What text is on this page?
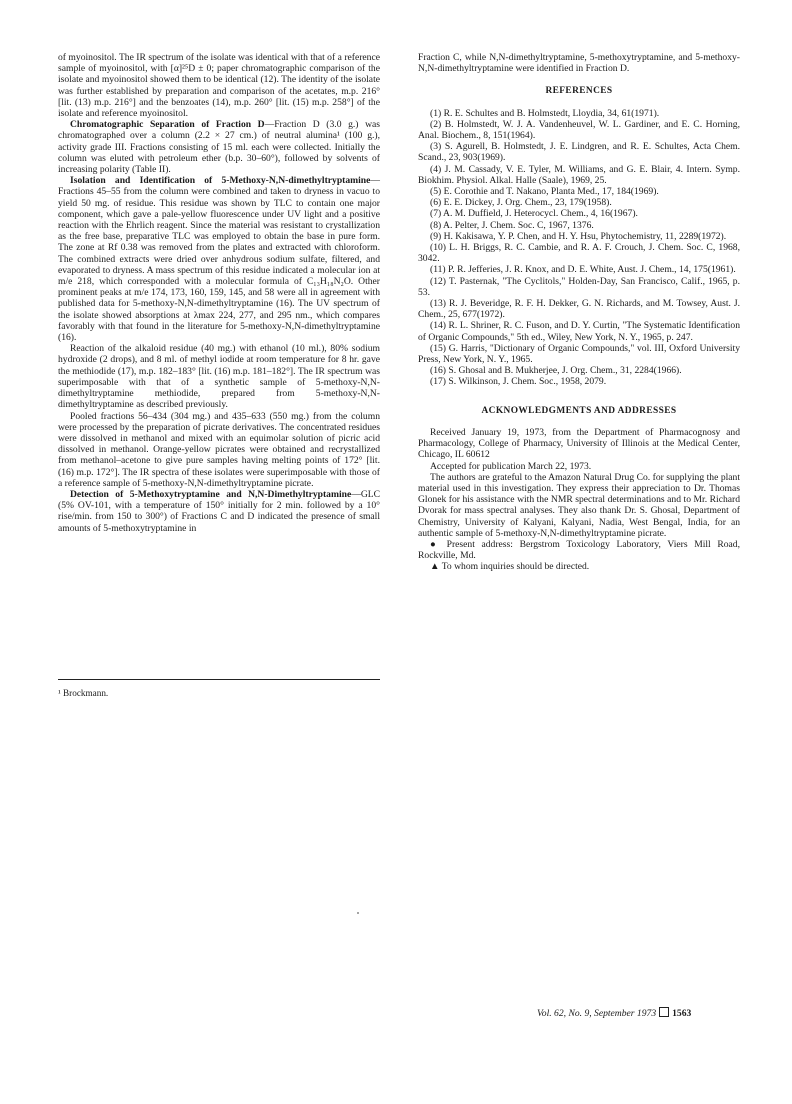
of myoinositol. The IR spectrum of the isolate was identical with that of a reference sample of myoinositol, with [α]²⁵D ± 0; paper chromatographic comparison of the isolate and myoinositol showed them to be identical (12). The identity of the isolate was further established by preparation and comparison of the acetates, m.p. 216° [lit. (13) m.p. 216°] and the benzoates (14), m.p. 260° [lit. (15) m.p. 258°] of the isolate and reference myoinositol.

Chromatographic Separation of Fraction D—Fraction D (3.0 g.) was chromatographed over a column (2.2 × 27 cm.) of neutral alumina¹ (100 g.), activity grade III. Fractions consisting of 15 ml. each were collected. Initially the column was eluted with petroleum ether (b.p. 30–60°), followed by solvents of increasing polarity (Table II).

Isolation and Identification of 5-Methoxy-N,N-dimethyltryptamine—Fractions 45–55 from the column were combined and taken to dryness in vacuo to yield 50 mg. of residue. This residue was shown by TLC to contain one major component, which gave a pale-yellow fluorescence under UV light and a positive reaction with the Ehrlich reagent. Since the material was resistant to crystallization as the free base, preparative TLC was employed to obtain the base in pure form. The zone at Rf 0.38 was removed from the plates and extracted with chloroform. The combined extracts were dried over anhydrous sodium sulfate, filtered, and evaporated to dryness. A mass spectrum of this residue indicated a molecular ion at m/e 218, which corresponded with a molecular formula of C₁₃H₁₈N₂O. Other prominent peaks at m/e 174, 173, 160, 159, 145, and 58 were all in agreement with published data for 5-methoxy-N,N-dimethyltryptamine (16). The UV spectrum of the isolate showed absorptions at λmax 224, 277, and 295 nm., which compares favorably with that found in the literature for 5-methoxy-N,N-dimethyltryptamine (16).

Reaction of the alkaloid residue (40 mg.) with ethanol (10 ml.), 80% sodium hydroxide (2 drops), and 8 ml. of methyl iodide at room temperature for 8 hr. gave the methiodide (17), m.p. 182–183° [lit. (16) m.p. 181–182°]. The IR spectrum was superimposable with that of a synthetic sample of 5-methoxy-N,N-dimethyltryptamine methiodide, prepared from 5-methoxy-N,N-dimethyltryptamine as described previously.

Pooled fractions 56–434 (304 mg.) and 435–633 (550 mg.) from the column were processed by the preparation of picrate derivatives. The concentrated residues were dissolved in methanol and mixed with an equimolar solution of picric acid dissolved in methanol. Orange-yellow picrates were obtained and recrystallized from methanol–acetone to give pure samples having melting points of 172° [lit. (16) m.p. 172°]. The IR spectra of these isolates were superimposable with those of a reference sample of 5-methoxy-N,N-dimethyltryptamine picrate.

Detection of 5-Methoxytryptamine and N,N-Dimethyltryptamine—GLC (5% OV-101, with a temperature of 150° initially for 2 min. followed by a 10° rise/min. from 150 to 300°) of Fractions C and D indicated the presence of small amounts of 5-methoxytryptamine in

¹ Brockmann.

Fraction C, while N,N-dimethyltryptamine, 5-methoxytryptamine, and 5-methoxy-N,N-dimethyltryptamine were identified in Fraction D.

REFERENCES

(1) R. E. Schultes and B. Holmstedt, Lloydia, 34, 61(1971).

(2) B. Holmstedt, W. J. A. Vandenheuvel, W. L. Gardiner, and E. C. Horning, Anal. Biochem., 8, 151(1964).

(3) S. Agurell, B. Holmstedt, J. E. Lindgren, and R. E. Schultes, Acta Chem. Scand., 23, 903(1969).

(4) J. M. Cassady, V. E. Tyler, M. Williams, and G. E. Blair, 4. Intern. Symp. Biokhim. Physiol. Alkal. Halle (Saale), 1969, 25.

(5) E. Corothie and T. Nakano, Planta Med., 17, 184(1969).

(6) E. E. Dickey, J. Org. Chem., 23, 179(1958).

(7) A. M. Duffield, J. Heterocycl. Chem., 4, 16(1967).

(8) A. Pelter, J. Chem. Soc. C, 1967, 1376.

(9) H. Kakisawa, Y. P. Chen, and H. Y. Hsu, Phytochemistry, 11, 2289(1972).

(10) L. H. Briggs, R. C. Cambie, and R. A. F. Crouch, J. Chem. Soc. C, 1968, 3042.

(11) P. R. Jefferies, J. R. Knox, and D. E. White, Aust. J. Chem., 14, 175(1961).

(12) T. Pasternak, "The Cyclitols," Holden-Day, San Francisco, Calif., 1965, p. 53.

(13) R. J. Beveridge, R. F. H. Dekker, G. N. Richards, and M. Towsey, Aust. J. Chem., 25, 677(1972).

(14) R. L. Shriner, R. C. Fuson, and D. Y. Curtin, "The Systematic Identification of Organic Compounds," 5th ed., Wiley, New York, N. Y., 1965, p. 247.

(15) G. Harris, "Dictionary of Organic Compounds," vol. III, Oxford University Press, New York, N. Y., 1965.

(16) S. Ghosal and B. Mukherjee, J. Org. Chem., 31, 2284(1966).

(17) S. Wilkinson, J. Chem. Soc., 1958, 2079.

ACKNOWLEDGMENTS AND ADDRESSES

Received January 19, 1973, from the Department of Pharmacognosy and Pharmacology, College of Pharmacy, University of Illinois at the Medical Center, Chicago, IL 60612

Accepted for publication March 22, 1973.

The authors are grateful to the Amazon Natural Drug Co. for supplying the plant material used in this investigation. They express their appreciation to Dr. Thomas Glonek for his assistance with the NMR spectral determinations and to Mr. Richard Dvorak for mass spectral analyses. They also thank Dr. S. Ghosal, Department of Chemistry, University of Kalyani, Kalyani, Nadia, West Bengal, India, for an authentic sample of 5-methoxy-N,N-dimethyltryptamine picrate.

● Present address: Bergstrom Toxicology Laboratory, Viers Mill Road, Rockville, Md.

▲ To whom inquiries should be directed.

Vol. 62, No. 9, September 1973 1563
